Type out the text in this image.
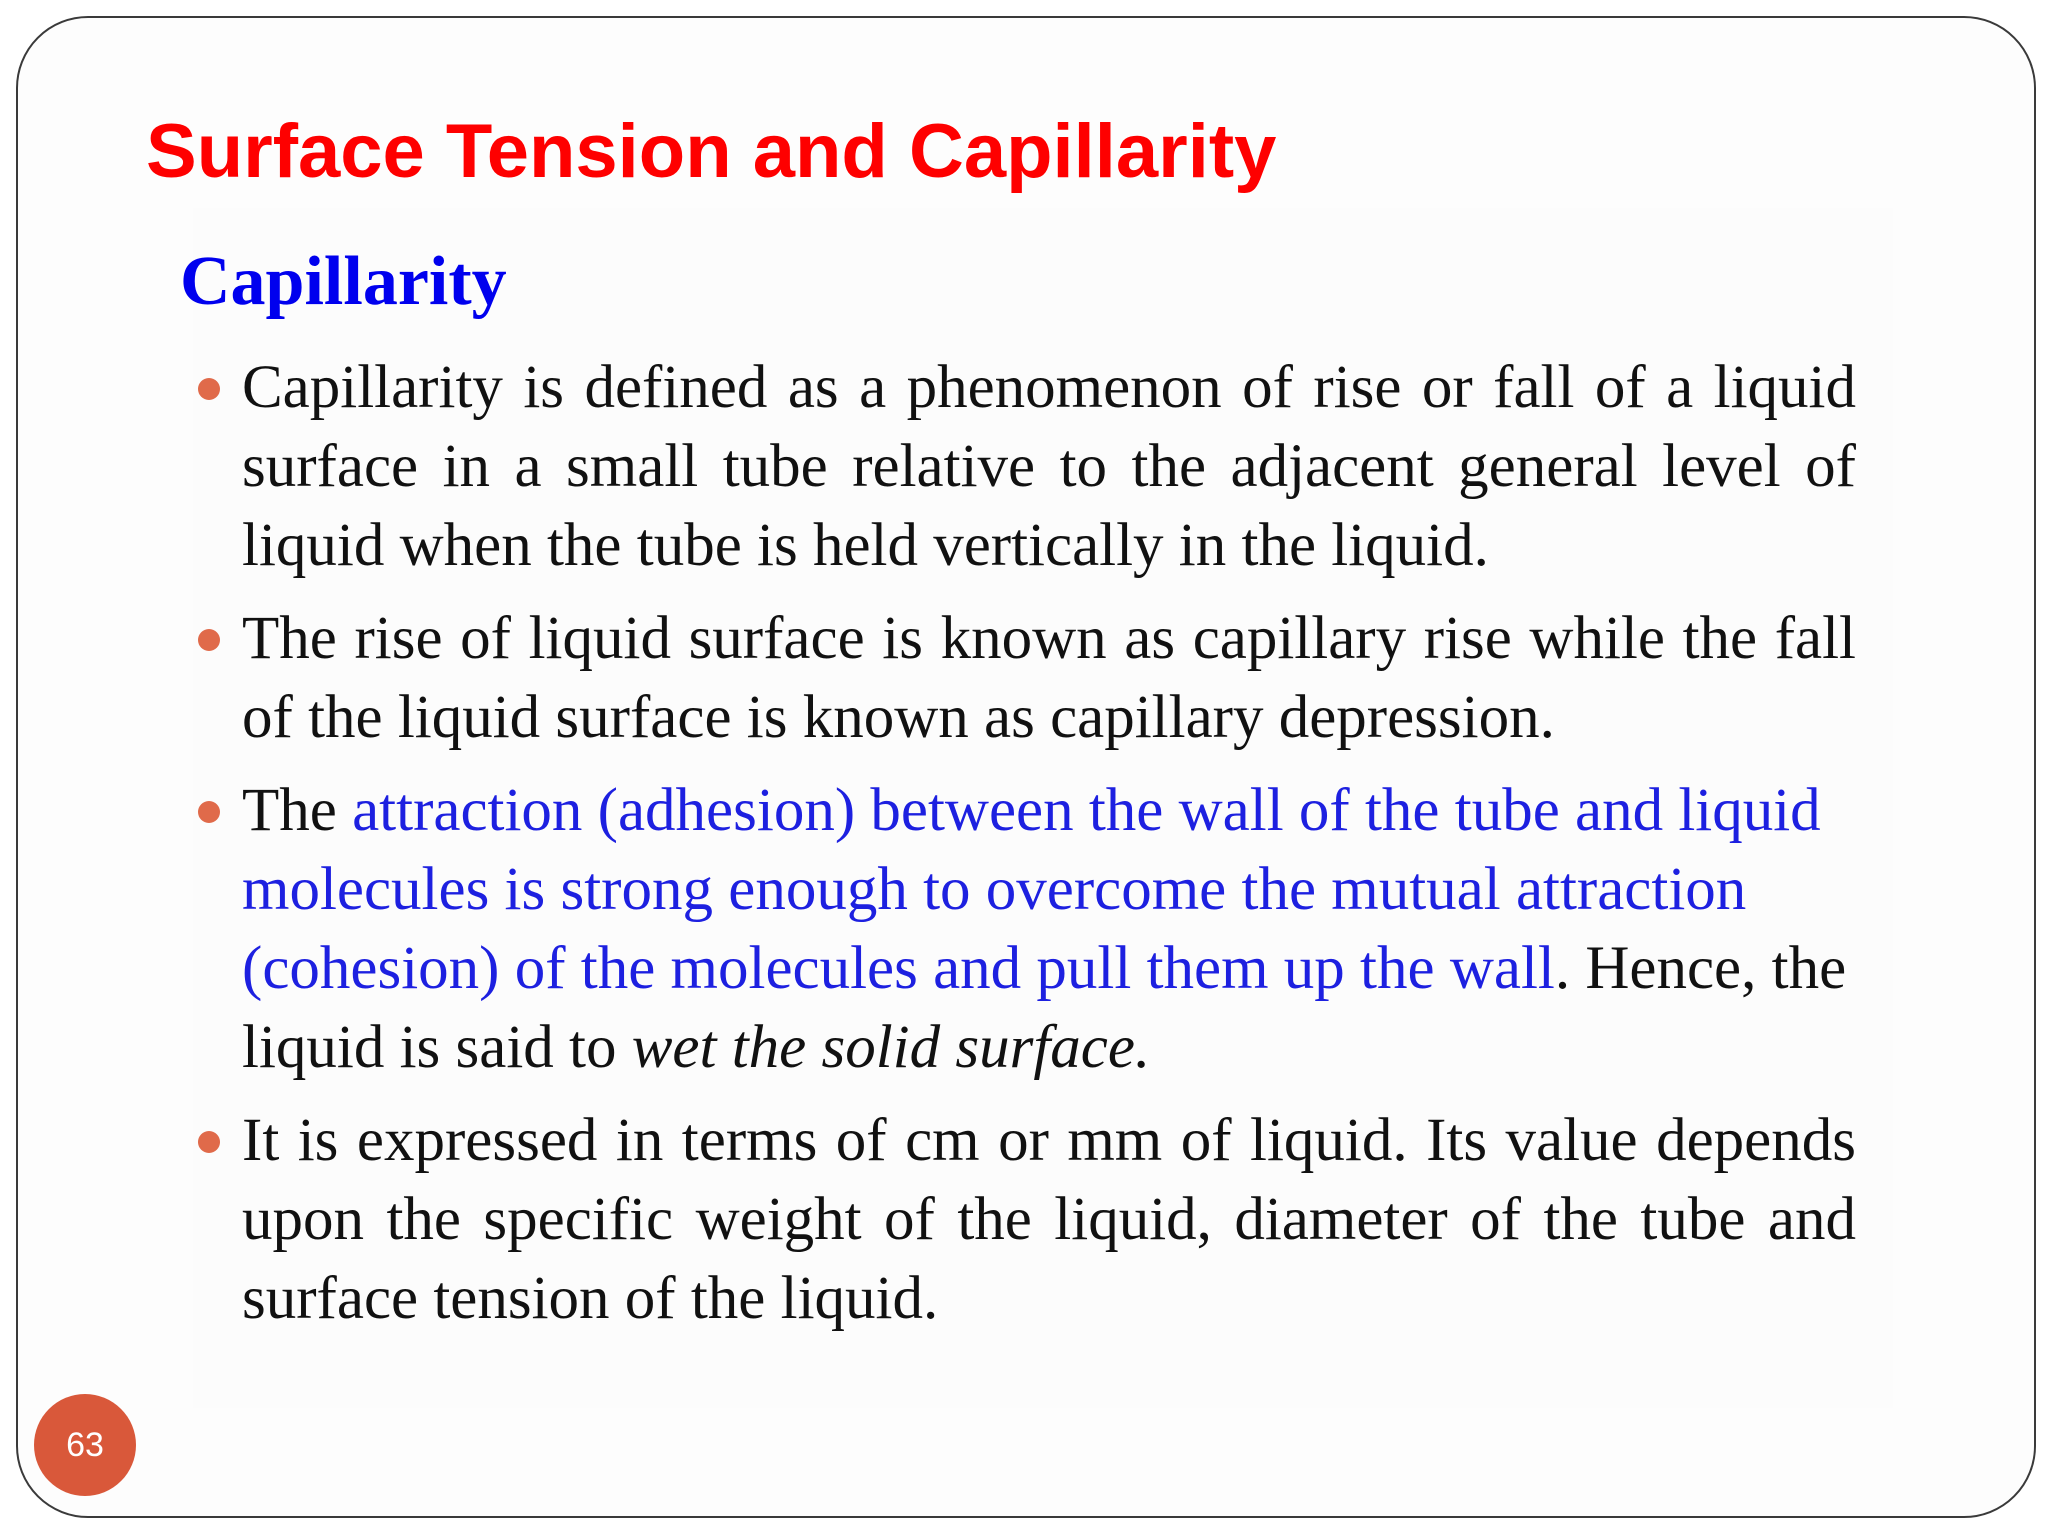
Surface Tension and Capillarity
Capillarity
Capillarity is defined as a phenomenon of rise or fall of a liquid surface in a small tube relative to the adjacent general level of liquid when the tube is held vertically in the liquid.
The rise of liquid surface is known as capillary rise while the fall of the liquid surface is known as capillary depression.
The attraction (adhesion) between the wall of the tube and liquid molecules is strong enough to overcome the mutual attraction (cohesion) of the molecules and pull them up the wall. Hence, the liquid is said to wet the solid surface.
It is expressed in terms of cm or mm of liquid. Its value depends upon the specific weight of the liquid, diameter of the tube and surface tension of the liquid.
63
